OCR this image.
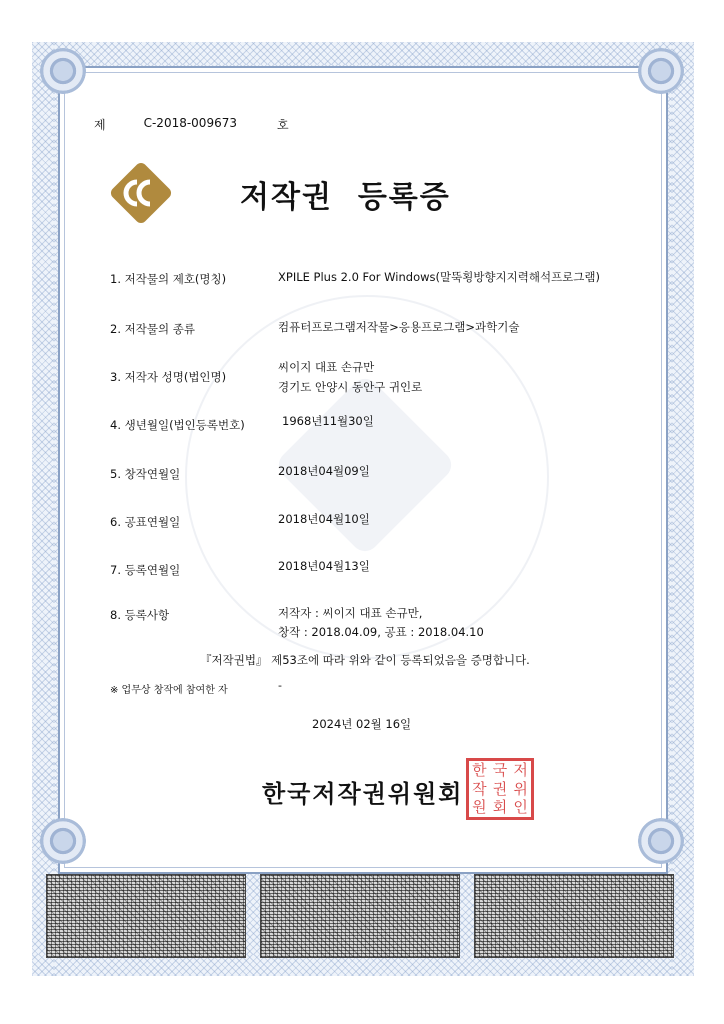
제	C-2018-009673	호
저작권  등록증
1. 저작물의 제호(명칭)	XPILE Plus 2.0 For Windows(말뚝횡방향지지력해석프로그램)
2. 저작물의 종류	컴퓨터프로그램저작물>응용프로그램>과학기술
3. 저작자 성명(법인명)
씨이지 대표 손규만
경기도 안양시 동안구 귀인로
4. 생년월일(법인등록번호)	1968년11월30일
5. 창작연월일	2018년04월09일
6. 공표연월일	2018년04월10일
7. 등록연월일	2018년04월13일
8. 등록사항	저작자 : 씨이지 대표 손규만,
창작 : 2018.04.09, 공표 : 2018.04.10
『저작권법』 제53조에 따라 위와 같이 등록되었음을 증명합니다.
※ 업무상 창작에 참여한 자	-
2024년 02월 16일
한국저작권위원회
한 국 저
작 권 위
원 회 인
